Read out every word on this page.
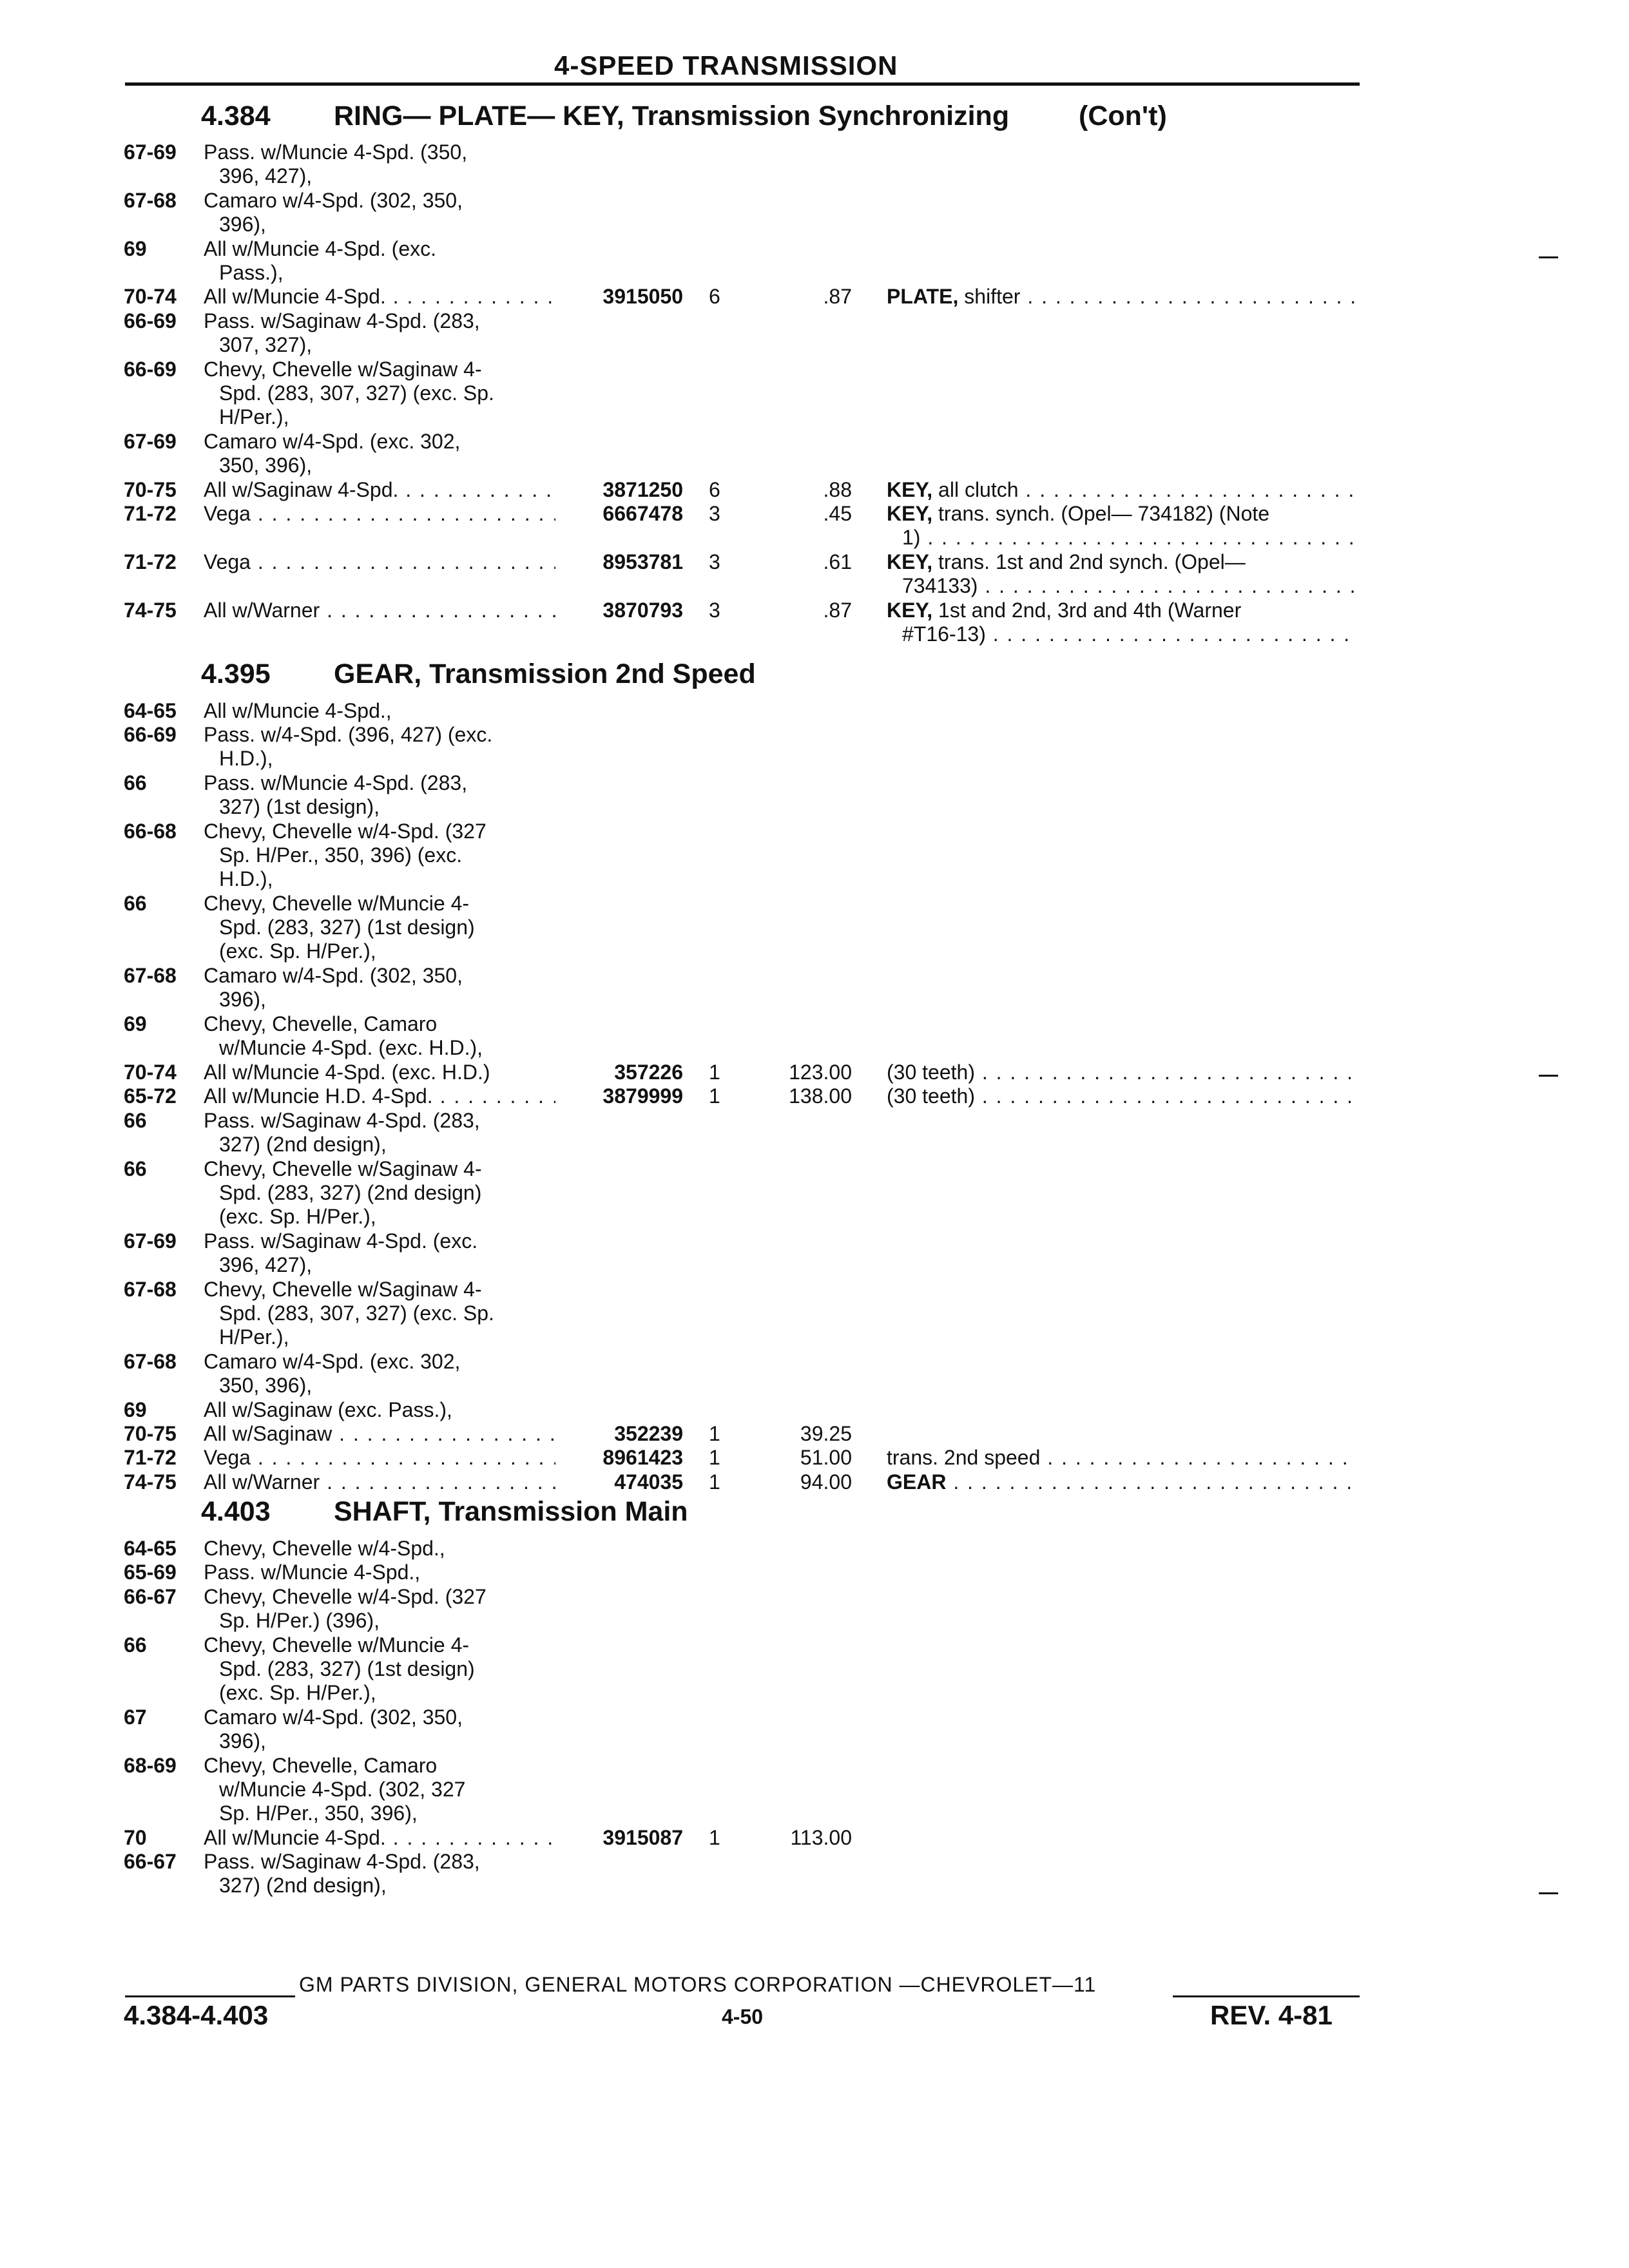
4-SPEED TRANSMISSION
4.384 RING— PLATE— KEY, Transmission Synchronizing	(Con't)
67-69 Pass. w/Muncie 4-Spd. (350,
396, 427),
67-68 Camaro w/4-Spd. (302, 350,
396),
69	All w/Muncie 4-Spd. (exc.
Pass.),
70-74 All w/Muncie 4-Spd. . . .	3915050 6	.87 PLATE, shifter . . .
66-69 Pass. w/Saginaw 4-Spd. (283,
307, 327),
66-69 Chevy, Chevelle w/Saginaw 4-
Spd. (283, 307, 327) (exc. Sp.
H/Per.),
67-69 Camaro w/4-Spd. (exc. 302,
350, 396),
70-75 All w/Saginaw 4-Spd. . . .	3871250 6	.88 KEY, all clutch . . .
71-72 Vega . . .	6667478 3	.45 KEY, trans. synch. (Opel— 734182) (Note
1) . . .
71-72 Vega . . .	8953781 3	.61 KEY, trans. 1st and 2nd synch. (Opel—
734133) . . .
74-75 All w/Warner . . .	3870793 3	.87 KEY, 1st and 2nd, 3rd and 4th (Warner
#T16-13) . . .
4.395 GEAR, Transmission 2nd Speed
64-65 All w/Muncie 4-Spd.,
66-69 Pass. w/4-Spd. (396, 427) (exc.
H.D.),
66	Pass. w/Muncie 4-Spd. (283,
327) (1st design),
66-68 Chevy, Chevelle w/4-Spd. (327
Sp. H/Per., 350, 396) (exc.
H.D.),
66	Chevy, Chevelle w/Muncie 4-
Spd. (283, 327) (1st design)
(exc. Sp. H/Per.),
67-68 Camaro w/4-Spd. (302, 350,
396),
69	Chevy, Chevelle, Camaro
w/Muncie 4-Spd. (exc. H.D.),
70-74 All w/Muncie 4-Spd. (exc. H.D.)	357226 1	123.00 (30 teeth) . . .
65-72 All w/Muncie H.D. 4-Spd. . . .	3879999 1	138.00 (30 teeth) . . .
66	Pass. w/Saginaw 4-Spd. (283,
327) (2nd design),
66	Chevy, Chevelle w/Saginaw 4-
Spd. (283, 327) (2nd design)
(exc. Sp. H/Per.),
67-69 Pass. w/Saginaw 4-Spd. (exc.
396, 427),
67-68 Chevy, Chevelle w/Saginaw 4-
Spd. (283, 307, 327) (exc. Sp.
H/Per.),
67-68 Camaro w/4-Spd. (exc. 302,
350, 396),
69	All w/Saginaw (exc. Pass.),
70-75 All w/Saginaw . . .	352239 1	39.25
71-72 Vega . . .	8961423 1	51.00 trans. 2nd speed . . .
74-75 All w/Warner . . .	474035 1	94.00 GEAR . . .
4.403 SHAFT, Transmission Main
64-65 Chevy, Chevelle w/4-Spd.,
65-69 Pass. w/Muncie 4-Spd.,
66-67 Chevy, Chevelle w/4-Spd. (327
Sp. H/Per.) (396),
66	Chevy, Chevelle w/Muncie 4-
Spd. (283, 327) (1st design)
(exc. Sp. H/Per.),
67	Camaro w/4-Spd. (302, 350,
396),
68-69 Chevy, Chevelle, Camaro
w/Muncie 4-Spd. (302, 327
Sp. H/Per., 350, 396),
70	All w/Muncie 4-Spd. . . .	3915087 1	113.00
66-67 Pass. w/Saginaw 4-Spd. (283,
327) (2nd design),
GM PARTS DIVISION, GENERAL MOTORS CORPORATION —CHEVROLET—11
4.384-4.403	4-50	REV. 4-81
